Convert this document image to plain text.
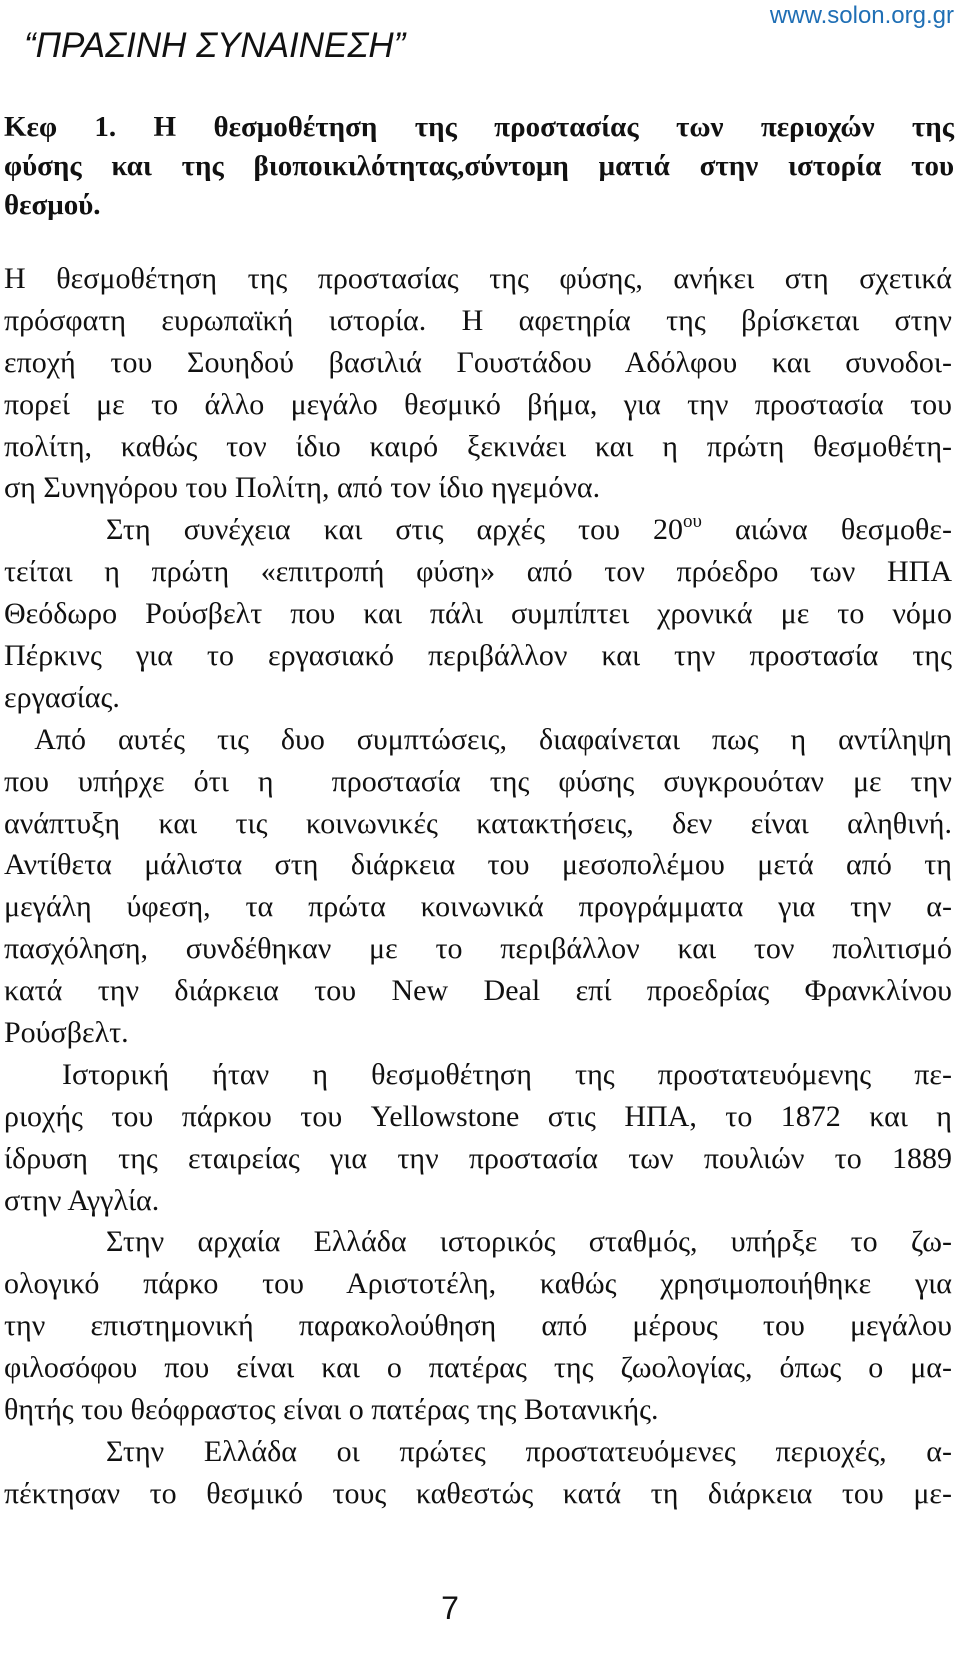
“ΠΡΑΣΙΝΗ ΣΥΝΑΙΝΕΣΗ”
www.solon.org.gr
Κεφ 1. Η θεσμοθέτηση της προστασίας των περιοχών της
φύσης και της βιοποικιλότητας,σύντομη ματιά στην ιστορία του
θεσμού.
Η θεσμοθέτηση της προστασίας της φύσης, ανήκει στη σχετικά
πρόσφατη ευρωπαϊκή ιστορία. Η αφετηρία της βρίσκεται στην
εποχή του Σουηδού βασιλιά Γουστάδου Αδόλφου και συνοδοι-
πορεί με το άλλο μεγάλο θεσμικό βήμα, για την προστασία του
πολίτη, καθώς τον ίδιο καιρό ξεκινάει και η πρώτη θεσμοθέτη-
ση Συνηγόρου του Πολίτη, από τον ίδιο ηγεμόνα.
Στη συνέχεια και στις αρχές του $20^{o\upsilon}$ αιώνα θεσμοθε-
τείται η πρώτη «επιτροπή φύση» από τον πρόεδρο των ΗΠΑ
Θεόδωρο Ρούσβελτ που και πάλι συμπίπτει χρονικά με το νόμο
Πέρκινς για το εργασιακό περιβάλλον και την προστασία της
εργασίας.
Από αυτές τις δυο συμπτώσεις, διαφαίνεται πως η αντίληψη
που υπήρχε ότι η  προστασία της φύσης συγκρουόταν με την
ανάπτυξη και τις κοινωνικές κατακτήσεις, δεν είναι αληθινή.
Αντίθετα μάλιστα στη διάρκεια του μεσοπολέμου μετά από τη
μεγάλη ύφεση, τα πρώτα κοινωνικά προγράμματα για την α-
πασχόληση, συνδέθηκαν με το περιβάλλον και τον πολιτισμό
κατά την διάρκεια του New Deal επί προεδρίας Φρανκλίνου
Ρούσβελτ.
Ιστορική ήταν η θεσμοθέτηση της προστατευόμενης πε-
ριοχής του πάρκου του Yellowstone στις ΗΠΑ, το 1872 και η
ίδρυση της εταιρείας για την προστασία των πουλιών το 1889
στην Αγγλία.
Στην αρχαία Ελλάδα ιστορικός σταθμός, υπήρξε το ζω-
ολογικό πάρκο του Αριστοτέλη, καθώς χρησιμοποιήθηκε για
την επιστημονική παρακολούθηση από μέρους του μεγάλου
φιλοσόφου που είναι και ο πατέρας της ζωολογίας, όπως ο μα-
θητής του θεόφραστος είναι ο πατέρας της Βοτανικής.
Στην Ελλάδα οι πρώτες προστατευόμενες περιοχές, α-
πέκτησαν το θεσμικό τους καθεστώς κατά τη διάρκεια του με-
7
